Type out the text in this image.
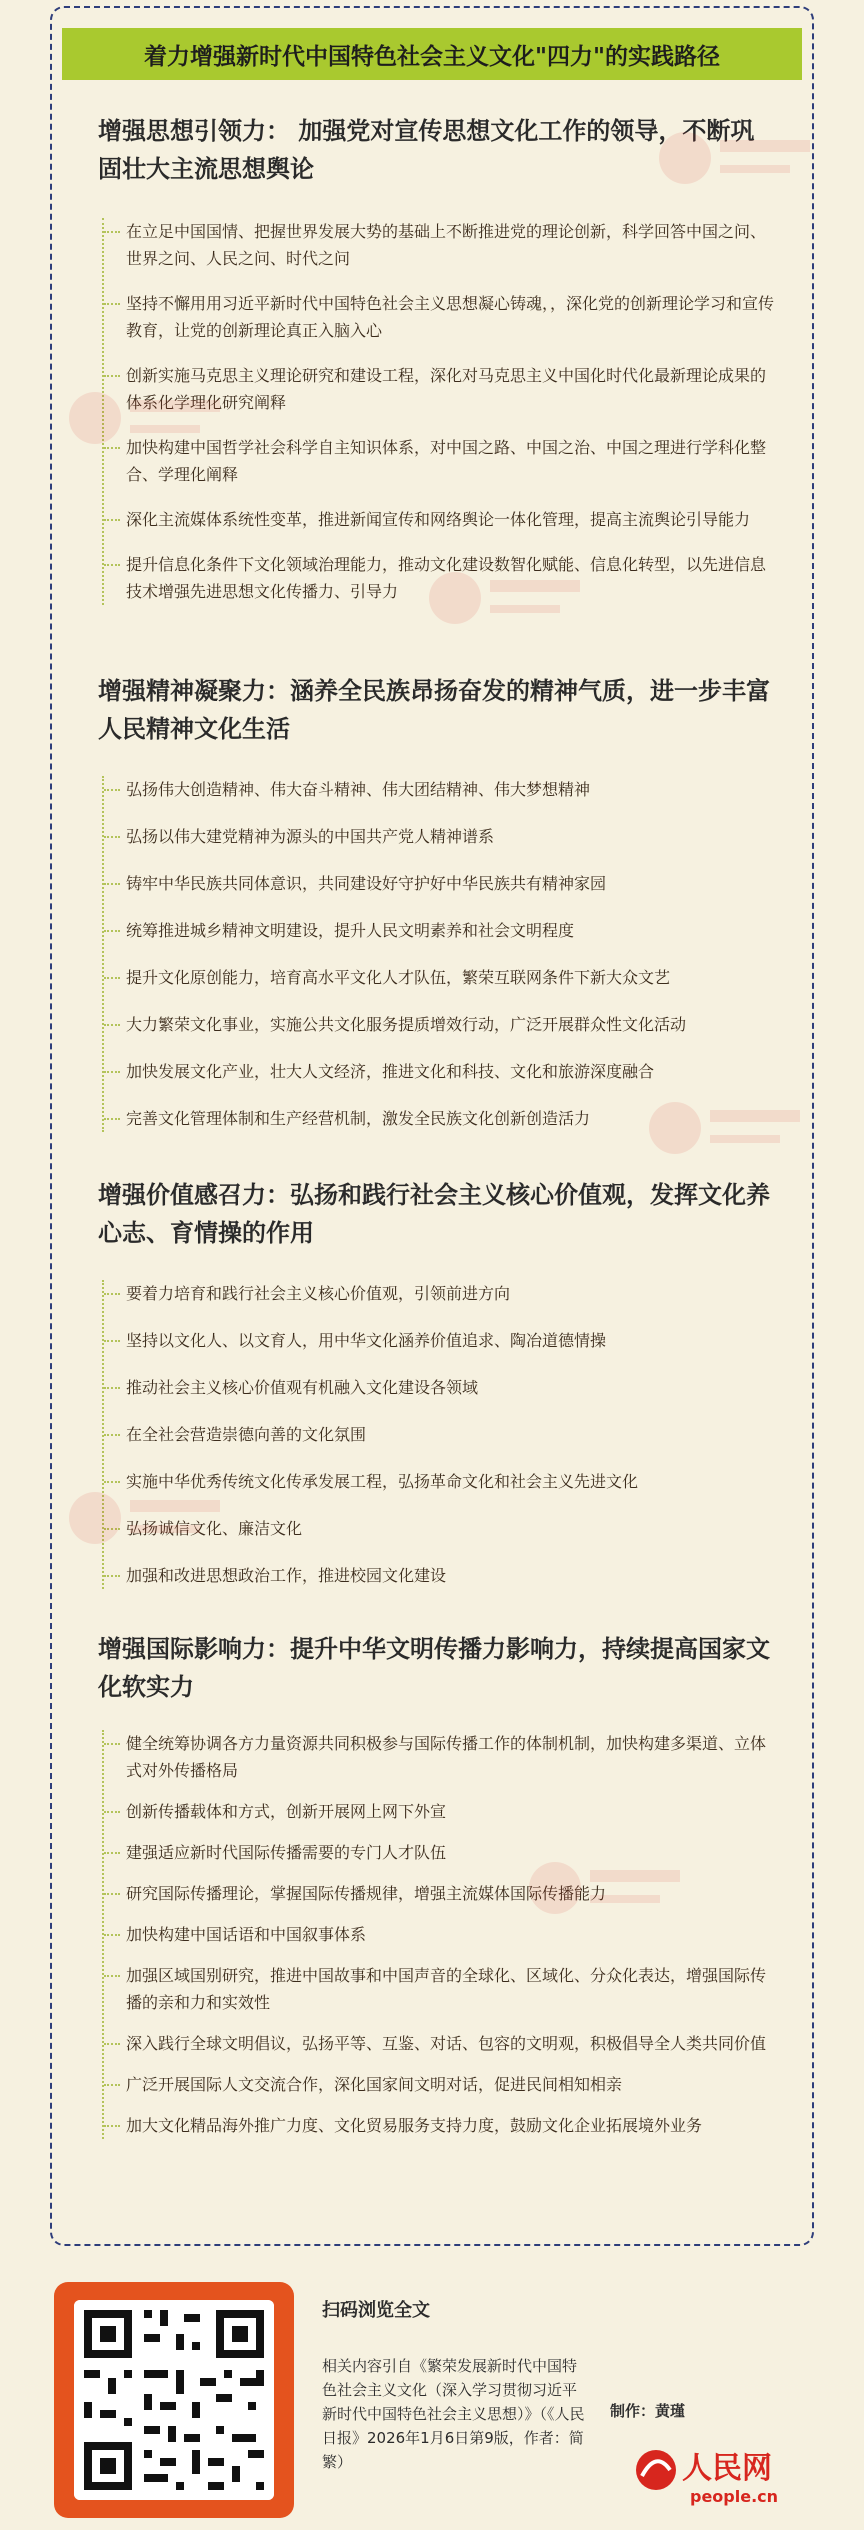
着力增强新时代中国特色社会主义文化"四力"的实践路径
增强思想引领力： 加强党对宣传思想文化工作的领导，不断巩固壮大主流思想舆论
在立足中国国情、把握世界发展大势的基础上不断推进党的理论创新，科学回答中国之问、世界之问、人民之问、时代之问
坚持不懈用用习近平新时代中国特色社会主义思想凝心铸魂，，深化党的创新理论学习和宣传教育，让党的创新理论真正入脑入心
创新实施马克思主义理论研究和建设工程，深化对马克思主义中国化时代化最新理论成果的体系化学理化研究阐释
加快构建中国哲学社会科学自主知识体系，对中国之路、中国之治、中国之理进行学科化整合、学理化阐释
深化主流媒体系统性变革，推进新闻宣传和网络舆论一体化管理，提高主流舆论引导能力
提升信息化条件下文化领域治理能力，推动文化建设数智化赋能、信息化转型，以先进信息技术增强先进思想文化传播力、引导力
增强精神凝聚力：涵养全民族昂扬奋发的精神气质，进一步丰富人民精神文化生活
弘扬伟大创造精神、伟大奋斗精神、伟大团结精神、伟大梦想精神
弘扬以伟大建党精神为源头的中国共产党人精神谱系
铸牢中华民族共同体意识，共同建设好守护好中华民族共有精神家园
统筹推进城乡精神文明建设，提升人民文明素养和社会文明程度
提升文化原创能力，培育高水平文化人才队伍，繁荣互联网条件下新大众文艺
大力繁荣文化事业，实施公共文化服务提质增效行动，广泛开展群众性文化活动
加快发展文化产业，壮大人文经济，推进文化和科技、文化和旅游深度融合
完善文化管理体制和生产经营机制，激发全民族文化创新创造活力
增强价值感召力：弘扬和践行社会主义核心价值观，发挥文化养心志、育情操的作用
要着力培育和践行社会主义核心价值观，引领前进方向
坚持以文化人、以文育人，用中华文化涵养价值追求、陶冶道德情操
推动社会主义核心价值观有机融入文化建设各领域
在全社会营造崇德向善的文化氛围
实施中华优秀传统文化传承发展工程，弘扬革命文化和社会主义先进文化
弘扬诚信文化、廉洁文化
加强和改进思想政治工作，推进校园文化建设
增强国际影响力：提升中华文明传播力影响力，持续提高国家文化软实力
健全统筹协调各方力量资源共同积极参与国际传播工作的体制机制，加快构建多渠道、立体式对外传播格局
创新传播载体和方式，创新开展网上网下外宣
建强适应新时代国际传播需要的专门人才队伍
研究国际传播理论，掌握国际传播规律，增强主流媒体国际传播能力
加快构建中国话语和中国叙事体系
加强区域国别研究，推进中国故事和中国声音的全球化、区域化、分众化表达，增强国际传播的亲和力和实效性
深入践行全球文明倡议，弘扬平等、互鉴、对话、包容的文明观，积极倡导全人类共同价值
广泛开展国际人文交流合作，深化国家间文明对话，促进民间相知相亲
加大文化精品海外推广力度、文化贸易服务支持力度，鼓励文化企业拓展境外业务
扫码浏览全文
相关内容引自《繁荣发展新时代中国特色社会主义文化（深入学习贯彻习近平新时代中国特色社会主义思想）》（《人民日报》2026年1月6日第9版，作者：简繁）
制作：黄瑾
人民网
people.cn
